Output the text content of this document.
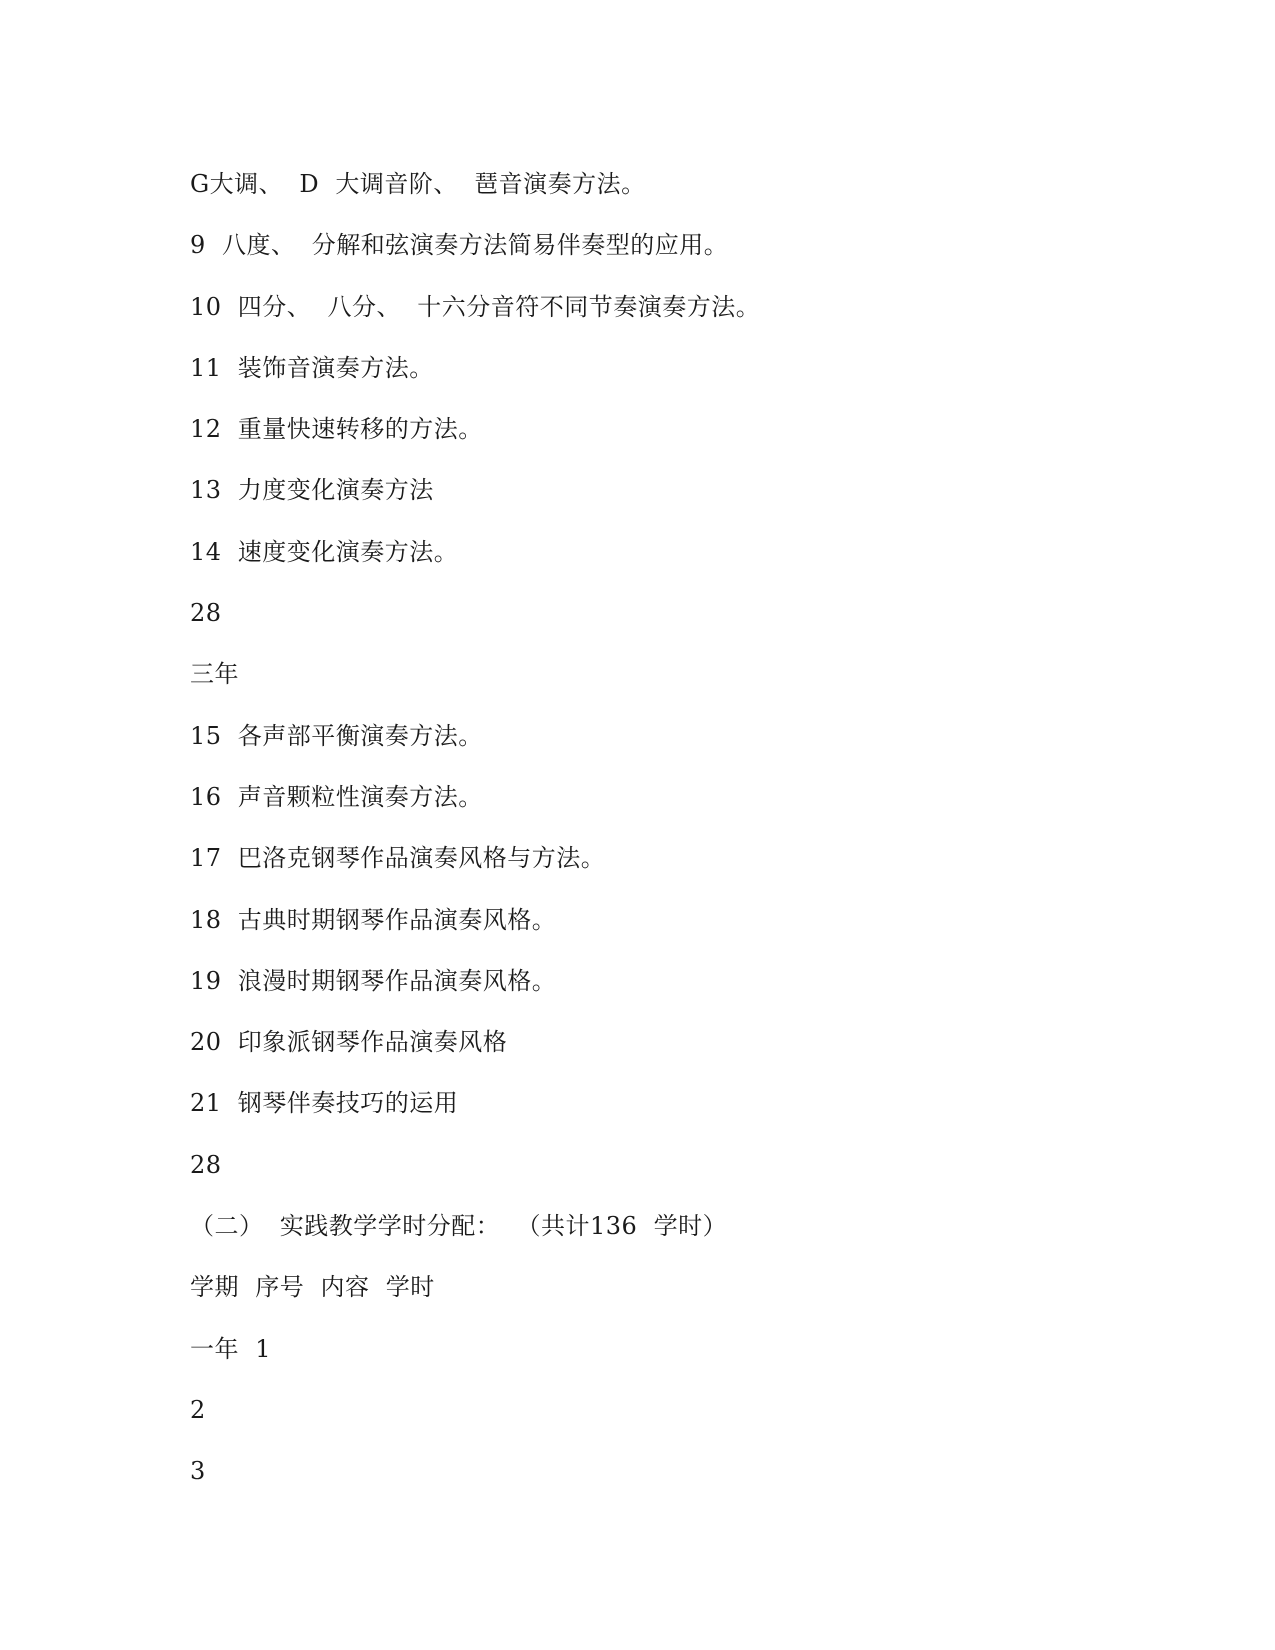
G大调、  D  大调音阶、  琶音演奏方法。
9  八度、  分解和弦演奏方法简易伴奏型的应用。
10  四分、  八分、  十六分音符不同节奏演奏方法。
11  装饰音演奏方法。
12  重量快速转移的方法。
13  力度变化演奏方法
14  速度变化演奏方法。
28
三年
15  各声部平衡演奏方法。
16  声音颗粒性演奏方法。
17  巴洛克钢琴作品演奏风格与方法。
18  古典时期钢琴作品演奏风格。
19  浪漫时期钢琴作品演奏风格。
20  印象派钢琴作品演奏风格
21  钢琴伴奏技巧的运用
28
（二）  实践教学学时分配：  （共计136  学时）
学期  序号  内容  学时
一年  1
2
3
